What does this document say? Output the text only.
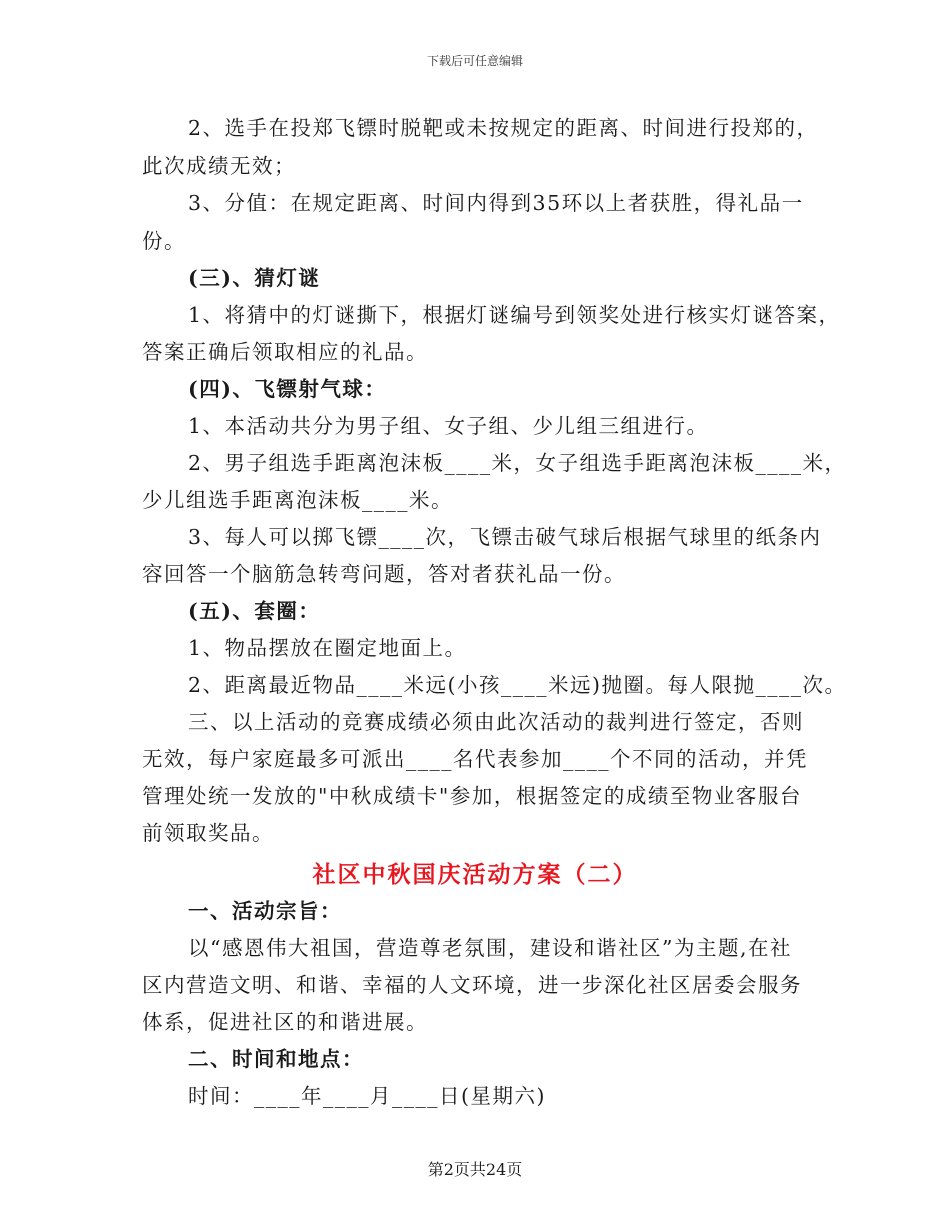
下载后可任意编辑
2、选手在投郑飞镖时脱靶或未按规定的距离、时间进行投郑的，
此次成绩无效；
3、分值：在规定距离、时间内得到35环以上者获胜，得礼品一
份。
(三)、猜灯谜
1、将猜中的灯谜撕下，根据灯谜编号到领奖处进行核实灯谜答案，
答案正确后领取相应的礼品。
(四)、飞镖射气球：
1、本活动共分为男子组、女子组、少儿组三组进行。
2、男子组选手距离泡沫板____米，女子组选手距离泡沫板____米，
少儿组选手距离泡沫板____米。
3、每人可以掷飞镖____次，飞镖击破气球后根据气球里的纸条内
容回答一个脑筋急转弯问题，答对者获礼品一份。
(五)、套圈：
1、物品摆放在圈定地面上。
2、距离最近物品____米远(小孩____米远)抛圈。每人限抛____次。
三、以上活动的竞赛成绩必须由此次活动的裁判进行签定，否则
无效，每户家庭最多可派出____名代表参加____个不同的活动，并凭
管理处统一发放的"中秋成绩卡"参加，根据签定的成绩至物业客服台
前领取奖品。
一、活动宗旨：
以“感恩伟大祖国，营造尊老氛围，建设和谐社区”为主题,在社
区内营造文明、和谐、幸福的人文环境，进一步深化社区居委会服务
体系，促进社区的和谐进展。
二、时间和地点：
时间：____年____月____日(星期六)
社区中秋国庆活动方案（二）
第2页共24页
